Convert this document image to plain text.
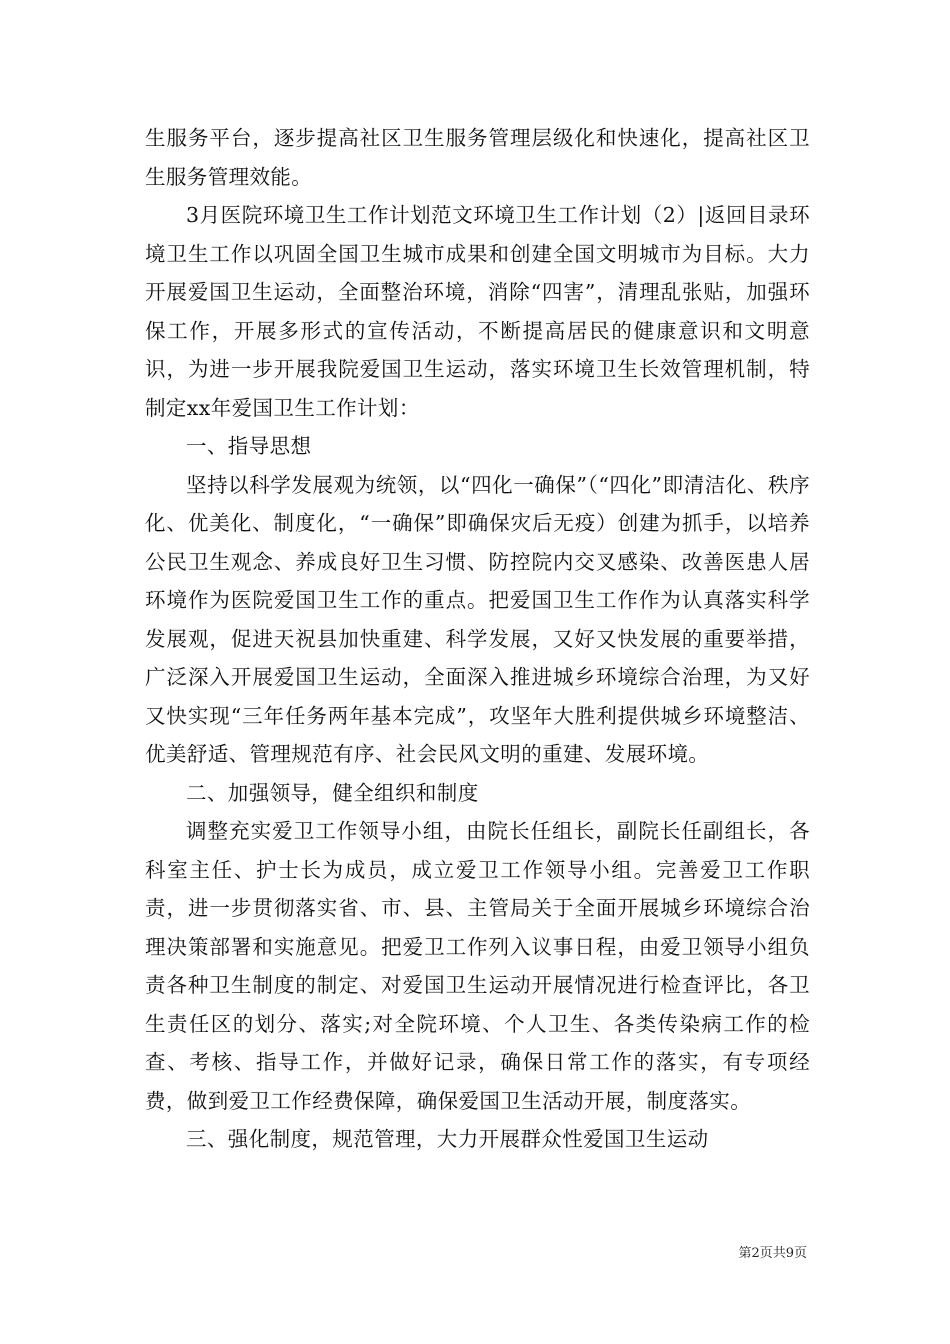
生服务平台，逐步提高社区卫生服务管理层级化和快速化，提高社区卫生服务管理效能。

3月医院环境卫生工作计划范文环境卫生工作计划（2）|返回目录环境卫生工作以巩固全国卫生城市成果和创建全国文明城市为目标。大力开展爱国卫生运动，全面整治环境，消除“四害”，清理乱张贴，加强环保工作，开展多形式的宣传活动，不断提高居民的健康意识和文明意识，为进一步开展我院爱国卫生运动，落实环境卫生长效管理机制，特制定xx年爱国卫生工作计划：

一、指导思想

坚持以科学发展观为统领，以“四化一确保”（“四化”即清洁化、秩序化、优美化、制度化，“一确保”即确保灾后无疫）创建为抓手，以培养公民卫生观念、养成良好卫生习惯、防控院内交叉感染、改善医患人居环境作为医院爱国卫生工作的重点。把爱国卫生工作作为认真落实科学发展观，促进天祝县加快重建、科学发展，又好又快发展的重要举措，广泛深入开展爱国卫生运动，全面深入推进城乡环境综合治理，为又好又快实现“三年任务两年基本完成”，攻坚年大胜利提供城乡环境整洁、优美舒适、管理规范有序、社会民风文明的重建、发展环境。

二、加强领导，健全组织和制度

调整充实爱卫工作领导小组，由院长任组长，副院长任副组长，各科室主任、护士长为成员，成立爱卫工作领导小组。完善爱卫工作职责，进一步贯彻落实省、市、县、主管局关于全面开展城乡环境综合治理决策部署和实施意见。把爱卫工作列入议事日程，由爱卫领导小组负责各种卫生制度的制定、对爱国卫生运动开展情况进行检查评比，各卫生责任区的划分、落实;对全院环境、个人卫生、各类传染病工作的检查、考核、指导工作，并做好记录，确保日常工作的落实，有专项经费，做到爱卫工作经费保障，确保爱国卫生活动开展，制度落实。

三、强化制度，规范管理，大力开展群众性爱国卫生运动

第2页共9页
